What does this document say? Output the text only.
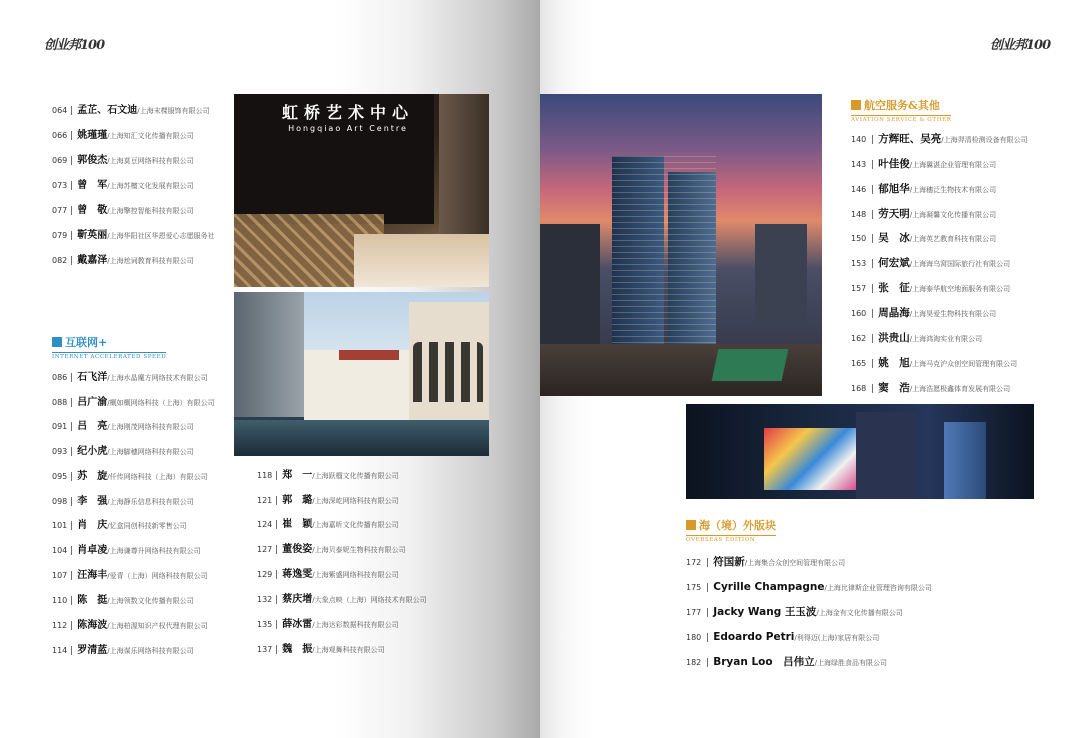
创业邦100	创业邦100
064 | 孟芷、石文迪/上海末棵服饰有限公司
066 | 姚瑾瑾/上海知汇文化传播有限公司
069 | 郭俊杰/上海莫豆网络科技有限公司
073 | 曾　军/上海苏檀文化发展有限公司
077 | 曾　敬/上海擎控智能科技有限公司
079 | 靳英丽/上海华阳社区华恩爱心志愿服务社
082 | 戴嘉泽/上海尬词教育科技有限公司
互联网+
INTERNET ACCELERATED SPEED
086 | 石飞洋/上海水晶魔方网络技术有限公司
088 | 吕广渝/概如概网络科技（上海）有限公司
091 | 吕　亮/上海刚茂网络科技有限公司
093 | 纪小虎/上海脚穗网络科技有限公司
095 | 苏　旋/仟传网络科技（上海）有限公司
098 | 李　强/上海静乐信息科技有限公司
101 | 肖　庆/忆盒同创科技新零售公司
104 | 肖卓凌/上海谦尊升网络科技有限公司
107 | 汪海丰/爱青（上海）网络科技有限公司
110 | 陈　挺/上海领数文化传播有限公司
112 | 陈海波/上海柏渥知识产权代理有限公司
114 | 罗清蓝/上海谋乐网络科技有限公司
118 | 郑　一/上海跃榴文化传播有限公司
121 | 郭　璐/上海深屹网络科技有限公司
124 | 崔　颖/上海嘉昕文化传播有限公司
127 | 董俊姿/上海贝泰妮生物科技有限公司
129 | 蒋逸雯/上海紫盛网络科技有限公司
132 | 蔡庆增/大象点映（上海）网络技术有限公司
135 | 薛冰雷/上海达彩数据科技有限公司
137 | 魏　振/上海观舞科技有限公司
虹桥艺术中心
Hongqiao Art Centre
航空服务&其他
AVIATION SERVICE & OTHER
140 | 方辉旺、吴亮/上海羿清检测设备有限公司
143 | 叶佳俊/上海翼湛企业管理有限公司
146 | 郁旭华/上海穗泛生物技术有限公司
148 | 劳天明/上海凝馨文化传播有限公司
150 | 吴　冰/上海英艺教育科技有限公司
153 | 何宏斌/上海海乌窝国际旅行社有限公司
157 | 张　征/上海泰华航空地面服务有限公司
160 | 周晶海/上海昊爱生物科技有限公司
162 | 洪贵山/上海鸿淘实业有限公司
165 | 姚　旭/上海马克沪众创空间管理有限公司
168 | 窦　浩/上海浩愿极鑫体育发展有限公司
海（境）外版块
OVERSEAS EDITION
172 | 符国新/上海集合众创空间管理有限公司
175 | Cyrille Champagne/上海比律斯企业管理咨询有限公司
177 | Jacky Wang 王玉波/上海金有文化传播有限公司
180 | Edoardo Petri/利得迈(上海)家居有限公司
182 | Bryan Loo　吕伟立/上海绿胜食品有限公司
